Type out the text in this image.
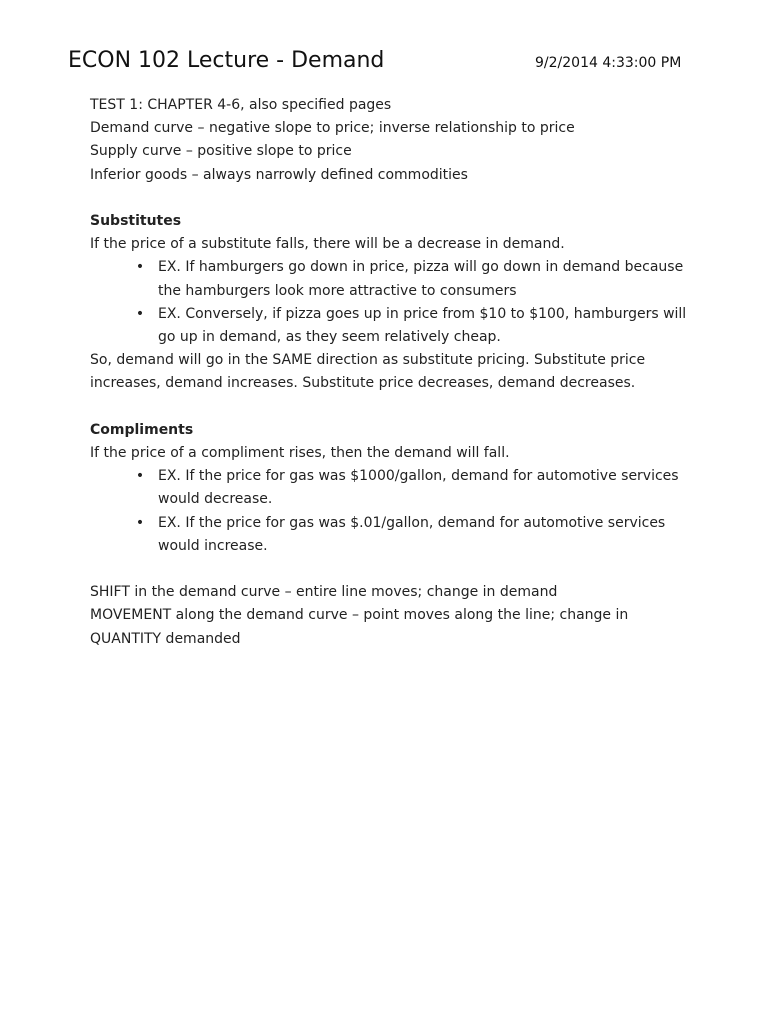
ECON 102 Lecture - Demand	9/2/2014 4:33:00 PM

TEST 1: CHAPTER 4-6, also specified pages

Demand curve – negative slope to price; inverse relationship to price

Supply curve – positive slope to price

Inferior goods – always narrowly defined commodities

Substitutes

If the price of a substitute falls, there will be a decrease in demand.

• EX. If hamburgers go down in price, pizza will go down in demand because the hamburgers look more attractive to consumers
• EX. Conversely, if pizza goes up in price from $10 to $100, hamburgers will go up in demand, as they seem relatively cheap.

So, demand will go in the SAME direction as substitute pricing. Substitute price increases, demand increases. Substitute price decreases, demand decreases.

Compliments

If the price of a compliment rises, then the demand will fall.

• EX. If the price for gas was $1000/gallon, demand for automotive services would decrease.
• EX. If the price for gas was $.01/gallon, demand for automotive services would increase.

SHIFT in the demand curve – entire line moves; change in demand

MOVEMENT along the demand curve – point moves along the line; change in QUANTITY demanded
